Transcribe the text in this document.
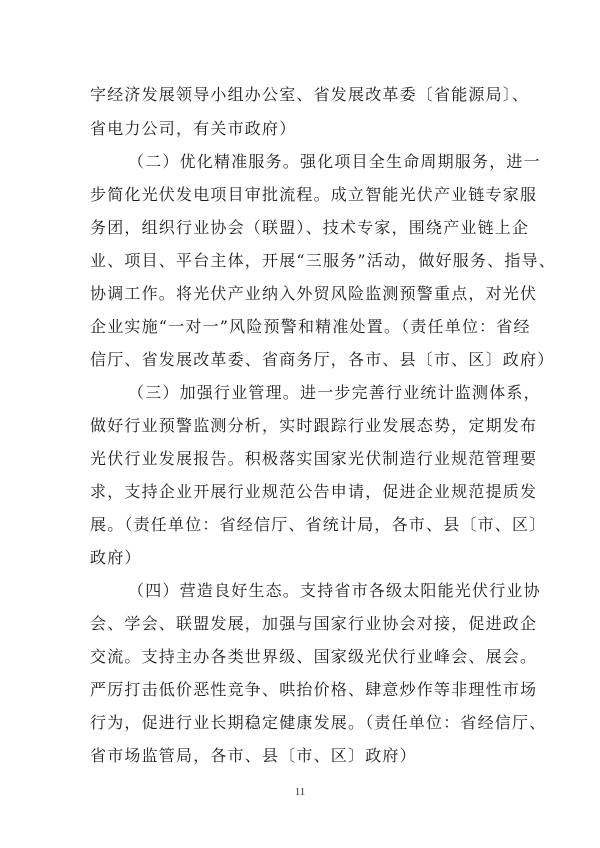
字经济发展领导小组办公室、省发展改革委〔省能源局〕、
省电力公司，有关市政府）
（二）优化精准服务。强化项目全生命周期服务，进一
步简化光伏发电项目审批流程。成立智能光伏产业链专家服
务团，组织行业协会（联盟）、技术专家，围绕产业链上企
业、项目、平台主体，开展“三服务”活动，做好服务、指导、
协调工作。将光伏产业纳入外贸风险监测预警重点，对光伏
企业实施“一对一”风险预警和精准处置。（责任单位：省经
信厅、省发展改革委、省商务厅，各市、县〔市、区〕政府）
（三）加强行业管理。进一步完善行业统计监测体系，
做好行业预警监测分析，实时跟踪行业发展态势，定期发布
光伏行业发展报告。积极落实国家光伏制造行业规范管理要
求，支持企业开展行业规范公告申请，促进企业规范提质发
展。（责任单位：省经信厅、省统计局，各市、县〔市、区〕
政府）
（四）营造良好生态。支持省市各级太阳能光伏行业协
会、学会、联盟发展，加强与国家行业协会对接，促进政企
交流。支持主办各类世界级、国家级光伏行业峰会、展会。
严厉打击低价恶性竞争、哄抬价格、肆意炒作等非理性市场
行为，促进行业长期稳定健康发展。（责任单位：省经信厅、
省市场监管局，各市、县〔市、区〕政府）
11
